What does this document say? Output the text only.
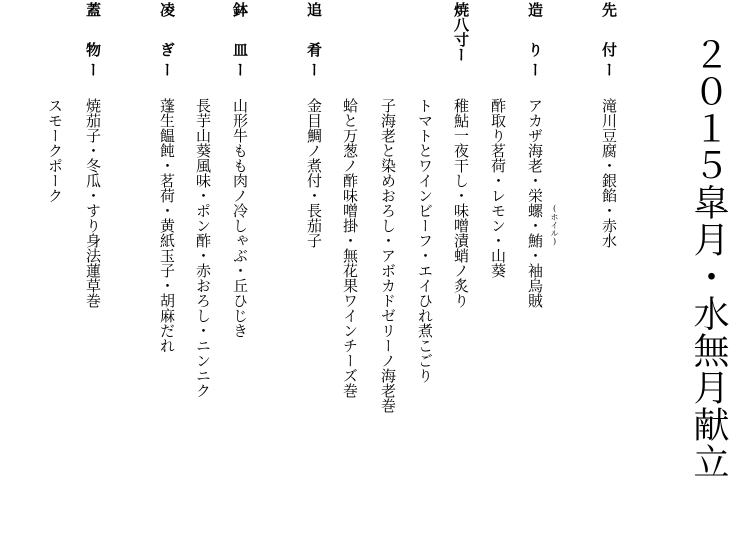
２０１５皐月・水無月献立
先　付ー
滝川豆腐・銀餡・赤水
造　りー
アカザ海老・栄螺・鮪・袖烏賊 (ホイル)
酢取り茗荷・レモン・山葵
焼八寸ー
稚鮎一夜干し・味噌漬蛸ノ炙り
トマトとワインビーフ・エイひれ煮こごり
子海老と染めおろし・アボカドゼリーノ海老巻
蛤と万葱ノ酢味噌掛・無花果ワインチーズ巻
追　肴ー
金目鯛ノ煮付・長茄子
鉢　皿ー
山形牛もも肉ノ冷しゃぶ・丘ひじき
長芋山葵風味・ポン酢・赤おろし・ニンニク
凌　ぎー
蓬生饂飩・茗荷・黄紙玉子・胡麻だれ
蓋　物ー
焼茄子・冬瓜・すり身法蓮草巻
スモークポーク
